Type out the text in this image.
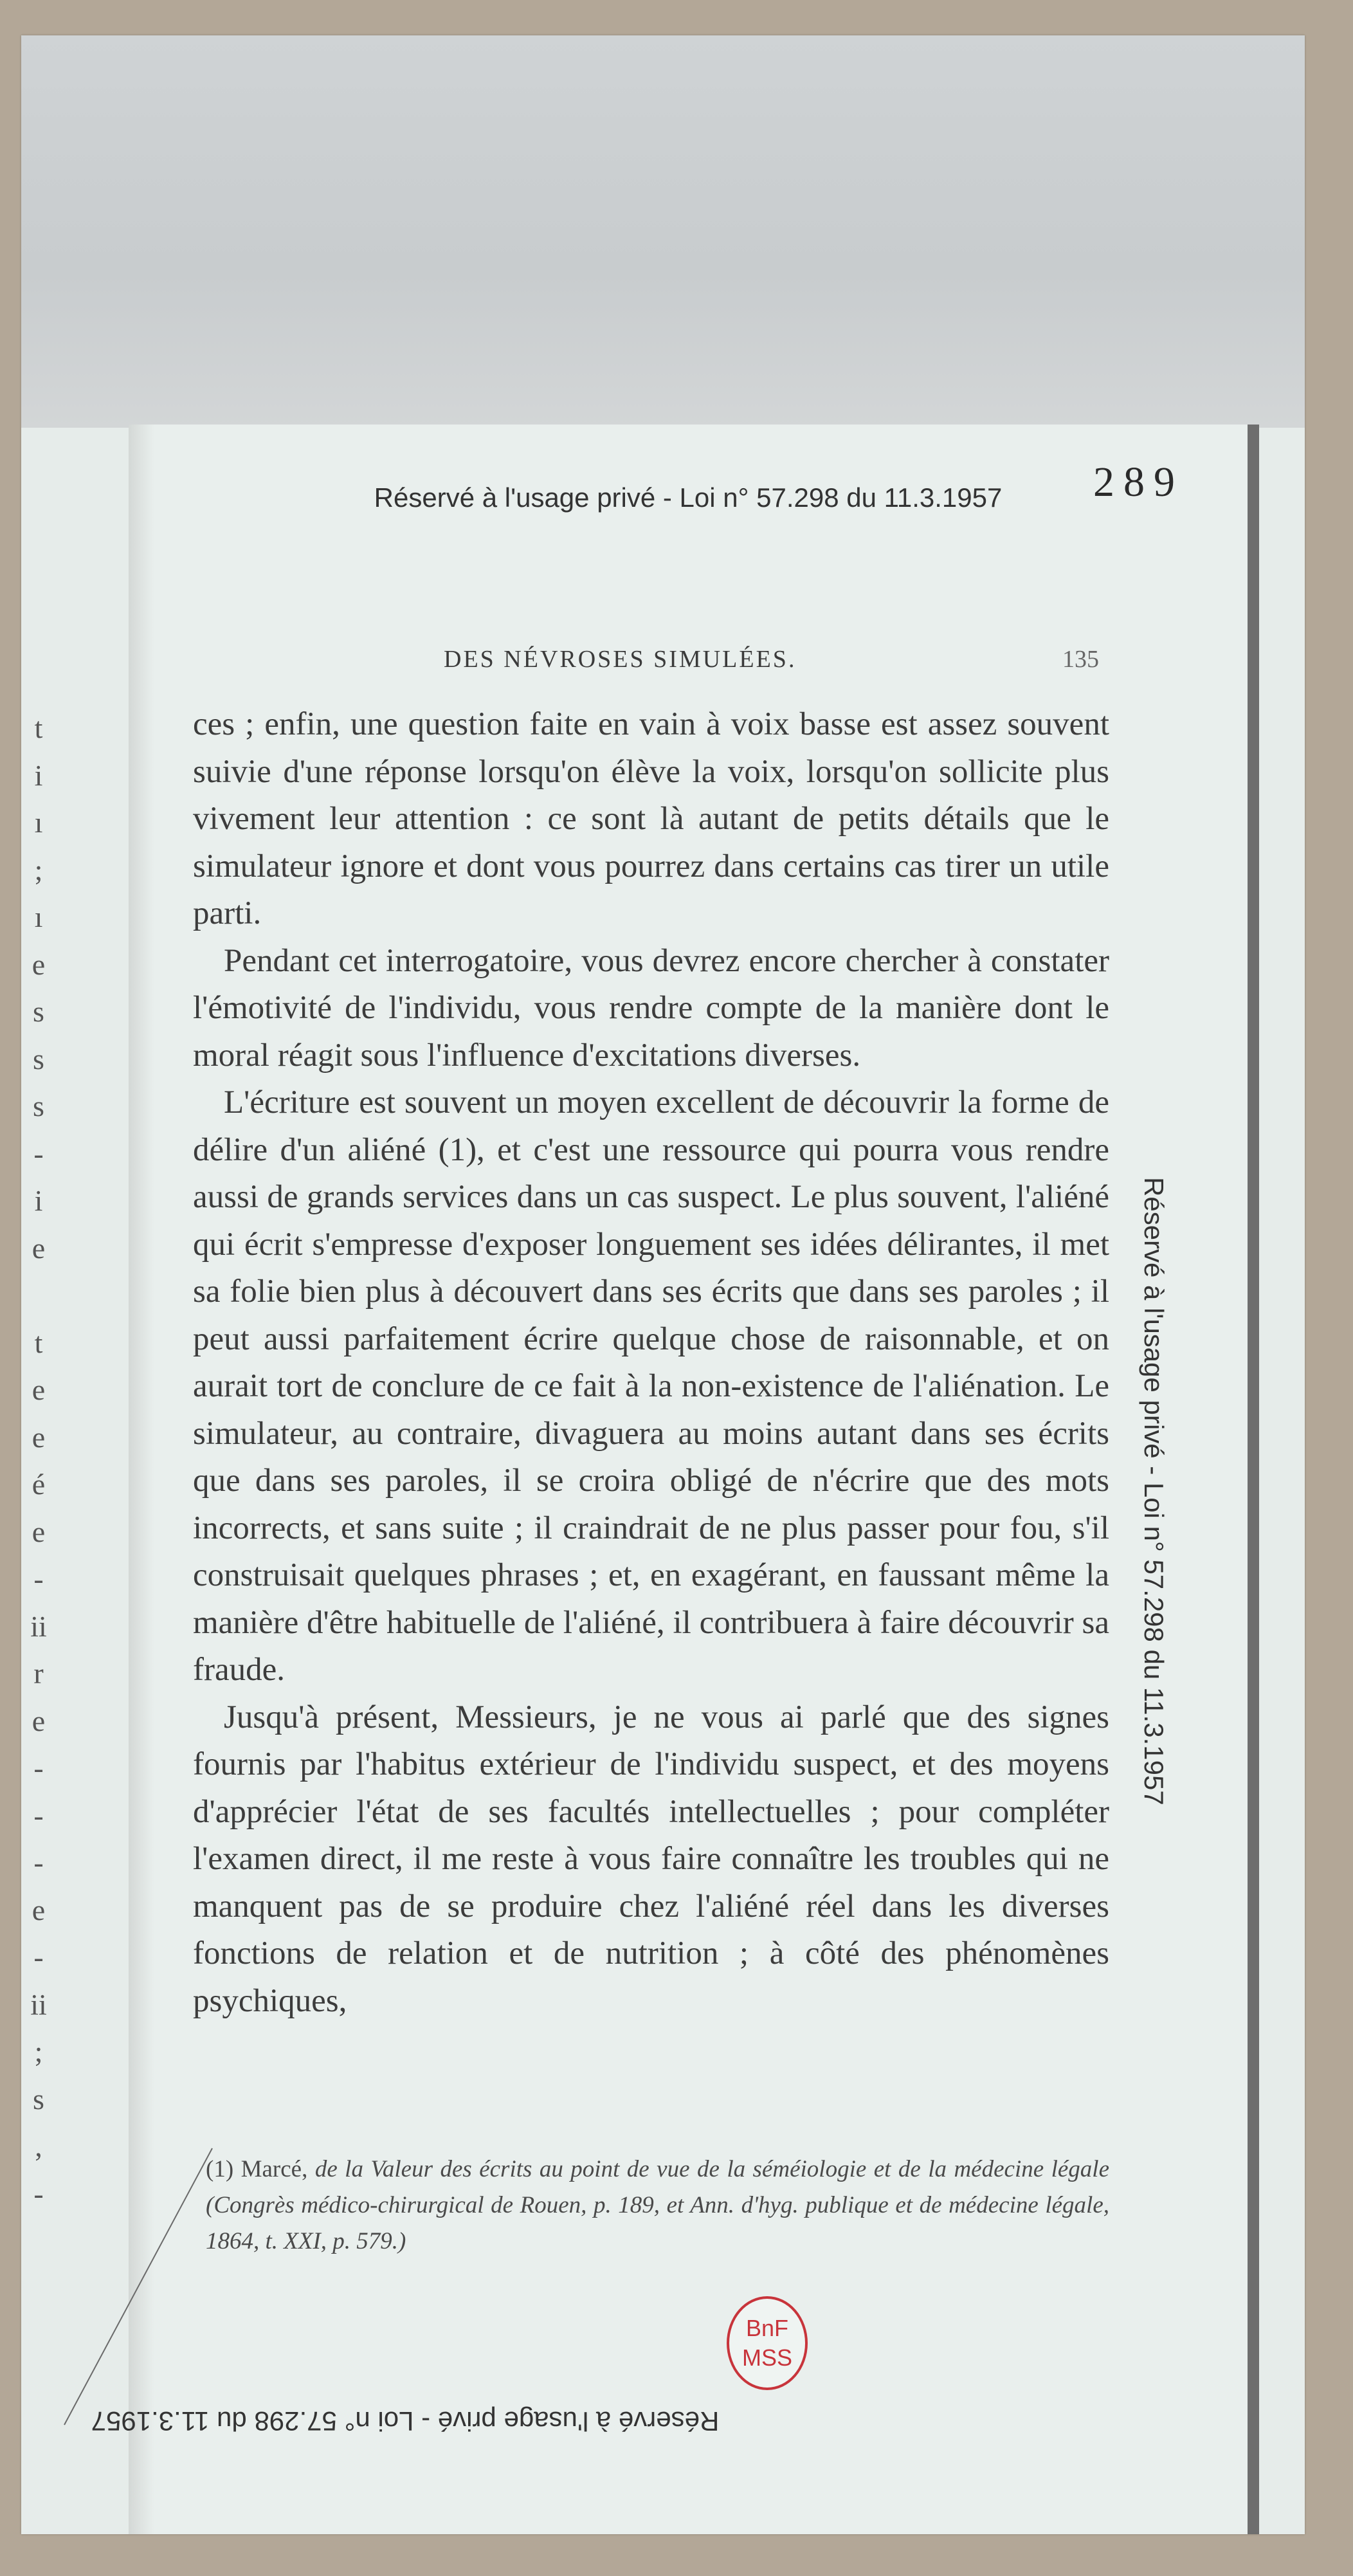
Réservé à l'usage privé - Loi n° 57.298 du 11.3.1957	289
DES NÉVROSES SIMULÉES.	135

ces ; enfin, une question faite en vain à voix basse est assez souvent suivie d'une réponse lorsqu'on élève la voix, lorsqu'on sollicite plus vivement leur attention : ce sont là autant de petits détails que le simulateur ignore et dont vous pourrez dans certains cas tirer un utile parti.

Pendant cet interrogatoire, vous devrez encore chercher à constater l'émotivité de l'individu, vous rendre compte de la manière dont le moral réagit sous l'influence d'excitations diverses.

L'écriture est souvent un moyen excellent de découvrir la forme de délire d'un aliéné (1), et c'est une ressource qui pourra vous rendre aussi de grands services dans un cas suspect. Le plus souvent, l'aliéné qui écrit s'empresse d'exposer longuement ses idées délirantes, il met sa folie bien plus à découvert dans ses écrits que dans ses paroles ; il peut aussi parfaitement écrire quelque chose de raisonnable, et on aurait tort de conclure de ce fait à la non-existence de l'aliénation. Le simulateur, au contraire, divaguera au moins autant dans ses écrits que dans ses paroles, il se croira obligé de n'écrire que des mots incorrects, et sans suite ; il craindrait de ne plus passer pour fou, s'il construisait quelques phrases ; et, en exagérant, en faussant même la manière d'être habituelle de l'aliéné, il contribuera à faire découvrir sa fraude.

Jusqu'à présent, Messieurs, je ne vous ai parlé que des signes fournis par l'habitus extérieur de l'individu suspect, et des moyens d'apprécier l'état de ses facultés intellectuelles ; pour compléter l'examen direct, il me reste à vous faire connaître les troubles qui ne manquent pas de se produire chez l'aliéné réel dans les diverses fonctions de relation et de nutrition ; à côté des phénomènes psychiques,

(1) Marcé, de la Valeur des écrits au point de vue de la séméiologie et de la médecine légale (Congrès médico-chirurgical de Rouen, p. 189, et Ann. d'hyg. publique et de médecine légale, 1864, t. XXI, p. 579.)

Réservé à l'usage privé - Loi n° 57.298 du 11.3.1957
Réservé à l'usage privé - Loi n° 57.298 du 11.3.1957
BnF
MSS
t
i
ı
;
ı
e
s
s
s
-
i
e
t
e
e
é
e
-
ii
r
e
-
-
-
e
-
ii
;
s
,
-
